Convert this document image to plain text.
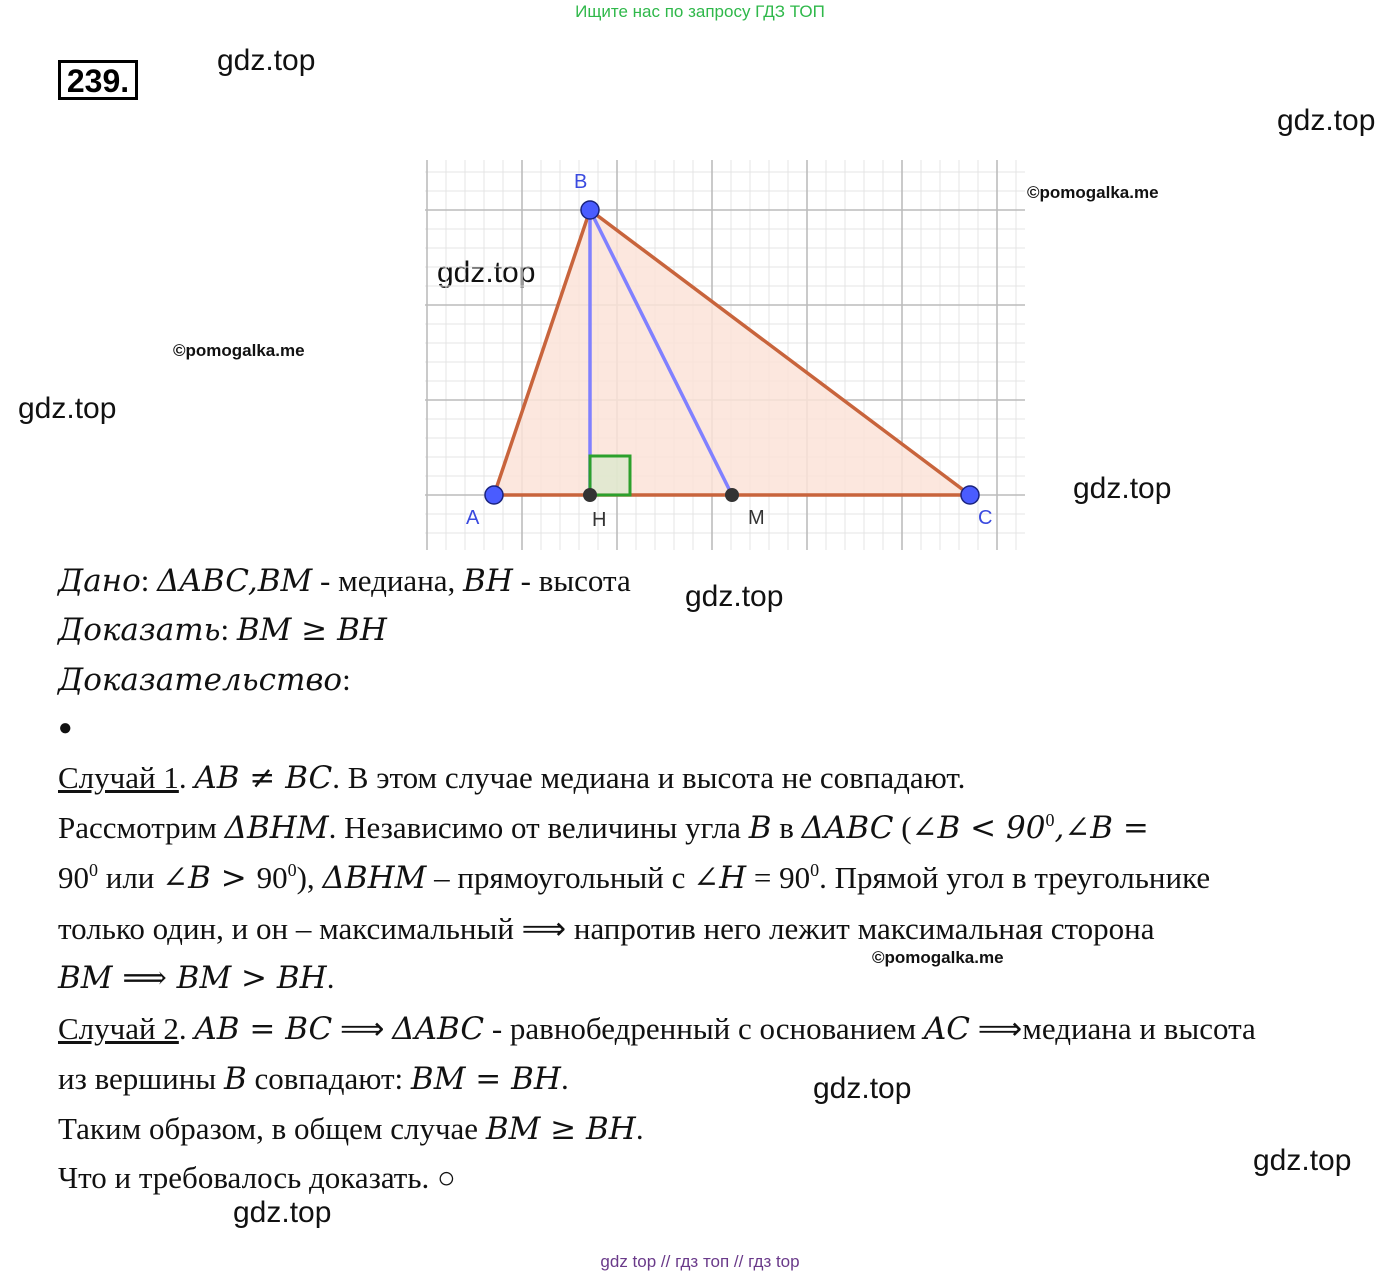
Ищите нас по запросу ГДЗ ТОП
239.
gdz.top
gdz.top
gdz.top
gdz.top
gdz.top
gdz.top
gdz.top
gdz.top
gdz.top
©pomogalka.me
©pomogalka.me
©pomogalka.me
A
B
C
H	M
Дано: ΔABC,BM - медиана, BH - высота
Доказать: BM ≥ BH
Доказательство:
●
Случай 1. AB ≠ BC. В этом случае медиана и высота не совпадают.
Рассмотрим ΔBHM. Независимо от величины угла B в ΔABC (∠B < $90^0,\angle B$ =
$90^0$ или ∠B > $90^0$), ΔBHM – прямоугольный с ∠H = $90^0$. Прямой угол в треугольнике
только один, и он – максимальный ⟹ напротив него лежит максимальная сторона
BM ⟹ BM > BH.
Случай 2. AB = BC ⟹ ΔABC - равнобедренный с основанием AC ⟹медиана и высота
из вершины B совпадают: BM = BH.
Таким образом, в общем случае BM ≥ BH.
Что и требовалось доказать. ○
gdz top // гдз топ // гдз top
